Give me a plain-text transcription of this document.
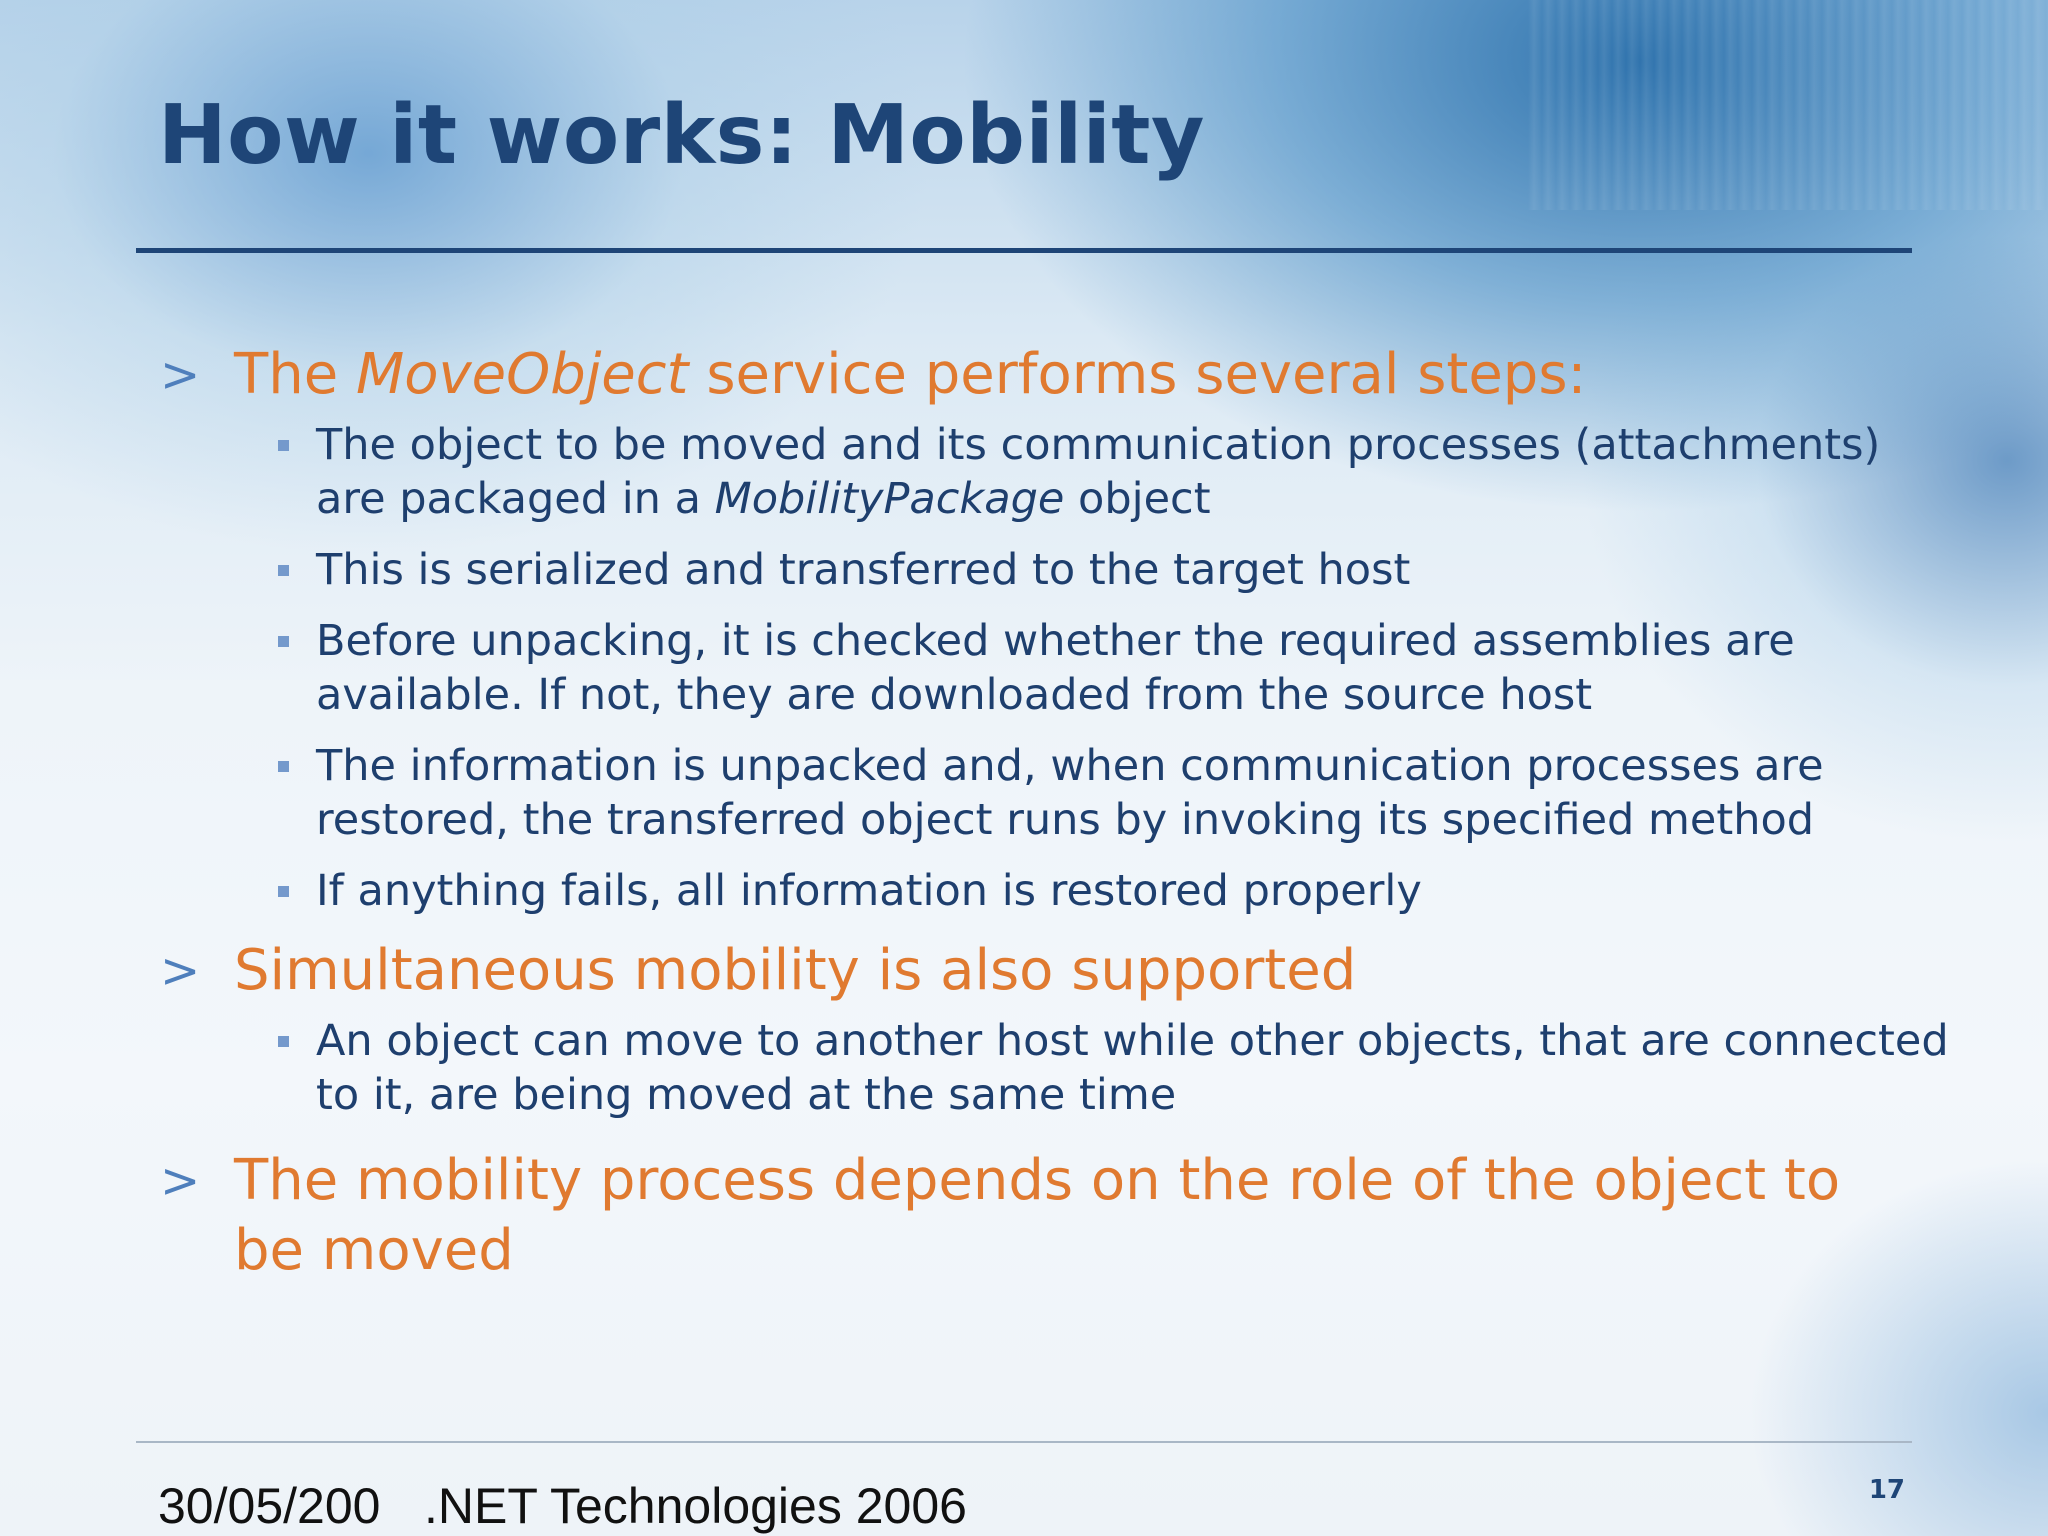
How it works: Mobility
> The MoveObject service performs several steps:
The object to be moved and its communication processes (attachments) are packaged in a MobilityPackage object
This is serialized and transferred to the target host
Before unpacking, it is checked whether the required assemblies are available. If not, they are downloaded from the source host
The information is unpacked and, when communication processes are restored, the transferred object runs by invoking its specified method
If anything fails, all information is restored properly
> Simultaneous mobility is also supported
An object can move to another host while other objects, that are connected to it, are being moved at the same time
> The mobility process depends on the role of the object to be moved
30/05/200 .NET Technologies 2006	17
